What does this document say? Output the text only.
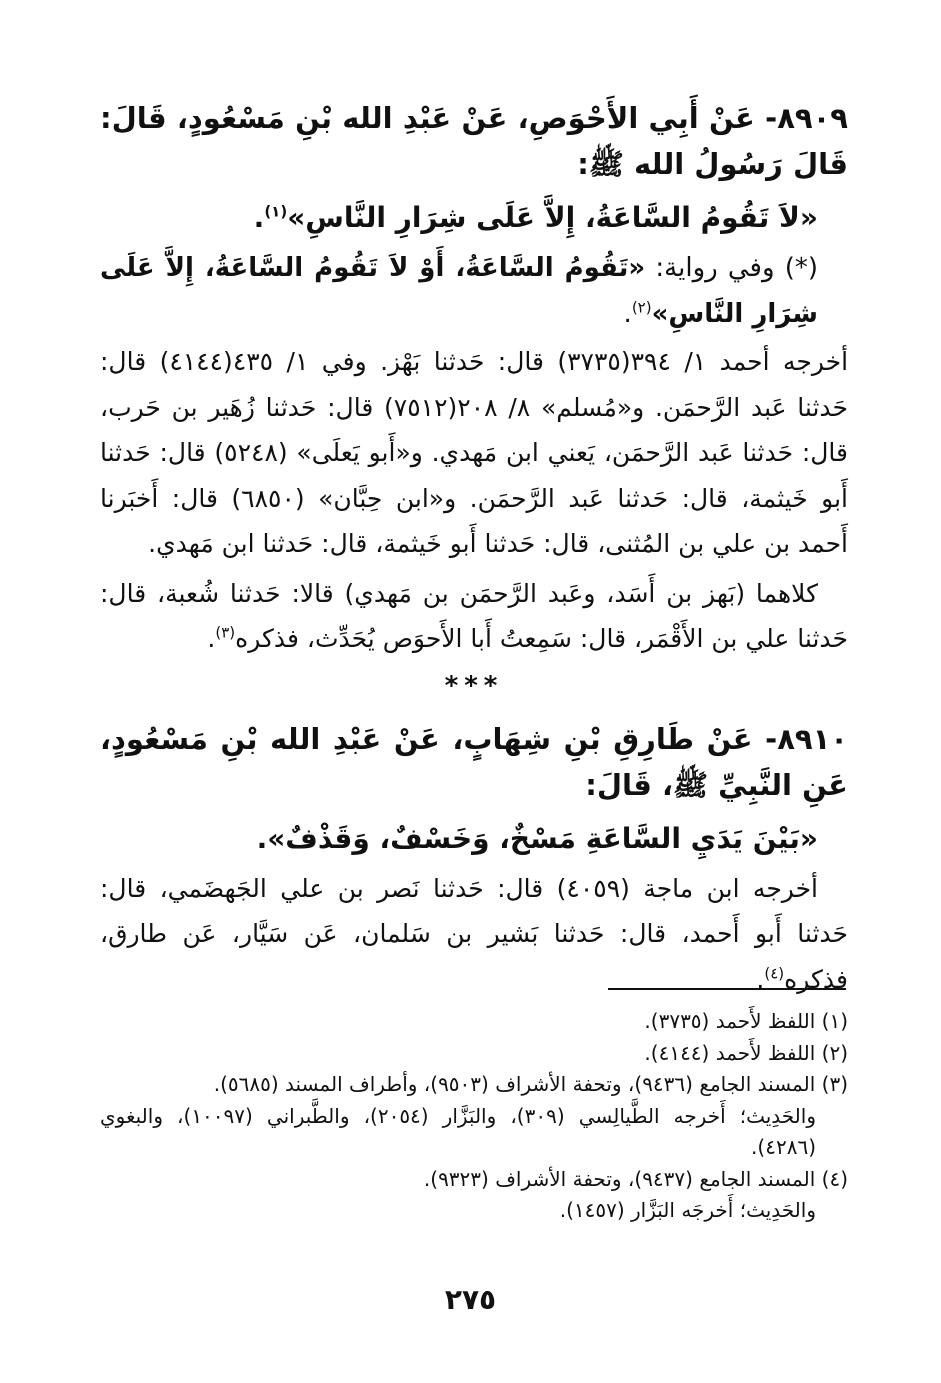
٨٩٠٩- عَنْ أَبِي الأَحْوَصِ، عَنْ عَبْدِ الله بْنِ مَسْعُودٍ، قَالَ: قَالَ رَسُولُ الله ﷺ:

«لاَ تَقُومُ السَّاعَةُ، إِلاَّ عَلَى شِرَارِ النَّاسِ»$^{(١)}$.

(*) وفي رواية: «تَقُومُ السَّاعَةُ، أَوْ لاَ تَقُومُ السَّاعَةُ، إِلاَّ عَلَى شِرَارِ النَّاسِ»$^{(٢)}$.

أخرجه أحمد ١/ ٣٩٤(٣٧٣٥) قال: حَدثنا بَهْز. وفي ١/ ٤٣٥(٤١٤٤) قال: حَدثنا عَبد الرَّحمَن. و«مُسلم» ٨/ ٢٠٨(٧٥١٢) قال: حَدثنا زُهَير بن حَرب، قال: حَدثنا عَبد الرَّحمَن، يَعني ابن مَهدي. و«أَبو يَعلَى» (٥٢٤٨) قال: حَدثنا أَبو خَيثمة، قال: حَدثنا عَبد الرَّحمَن. و«ابن حِبَّان» (٦٨٥٠) قال: أَخبَرنا أَحمد بن علي بن المُثنى، قال: حَدثنا أَبو خَيثمة، قال: حَدثنا ابن مَهدي.

كلاهما (بَهز بن أَسَد، وعَبد الرَّحمَن بن مَهدي) قالا: حَدثنا شُعبة، قال: حَدثنا علي بن الأَقْمَر، قال: سَمِعتُ أَبا الأَحوَص يُحَدِّث، فذكره$^{(٣)}$.

***

٨٩١٠- عَنْ طَارِقِ بْنِ شِهَابٍ، عَنْ عَبْدِ الله بْنِ مَسْعُودٍ، عَنِ النَّبِيِّ ﷺ، قَالَ:

«بَيْنَ يَدَيِ السَّاعَةِ مَسْخٌ، وَخَسْفٌ، وَقَذْفٌ».

أخرجه ابن ماجة (٤٠٥٩) قال: حَدثنا نَصر بن علي الجَهضَمي، قال: حَدثنا أَبو أَحمد، قال: حَدثنا بَشير بن سَلمان، عَن سَيَّار، عَن طارق، فذكره$^{(٤)}$.

(١) اللفظ لأَحمد (٣٧٣٥).

(٢) اللفظ لأَحمد (٤١٤٤).

(٣) المسند الجامع (٩٤٣٦)، وتحفة الأشراف (٩٥٠٣)، وأطراف المسند (٥٦٨٥).

والحَدِيث؛ أَخرجه الطَّيالِسي (٣٠٩)، والبَزَّار (٢٠٥٤)، والطَّبراني (١٠٠٩٧)، والبغوي (٤٢٨٦).

(٤) المسند الجامع (٩٤٣٧)، وتحفة الأشراف (٩٣٢٣).

والحَدِيث؛ أَخرجَه البَزَّار (١٤٥٧).

٢٧٥
